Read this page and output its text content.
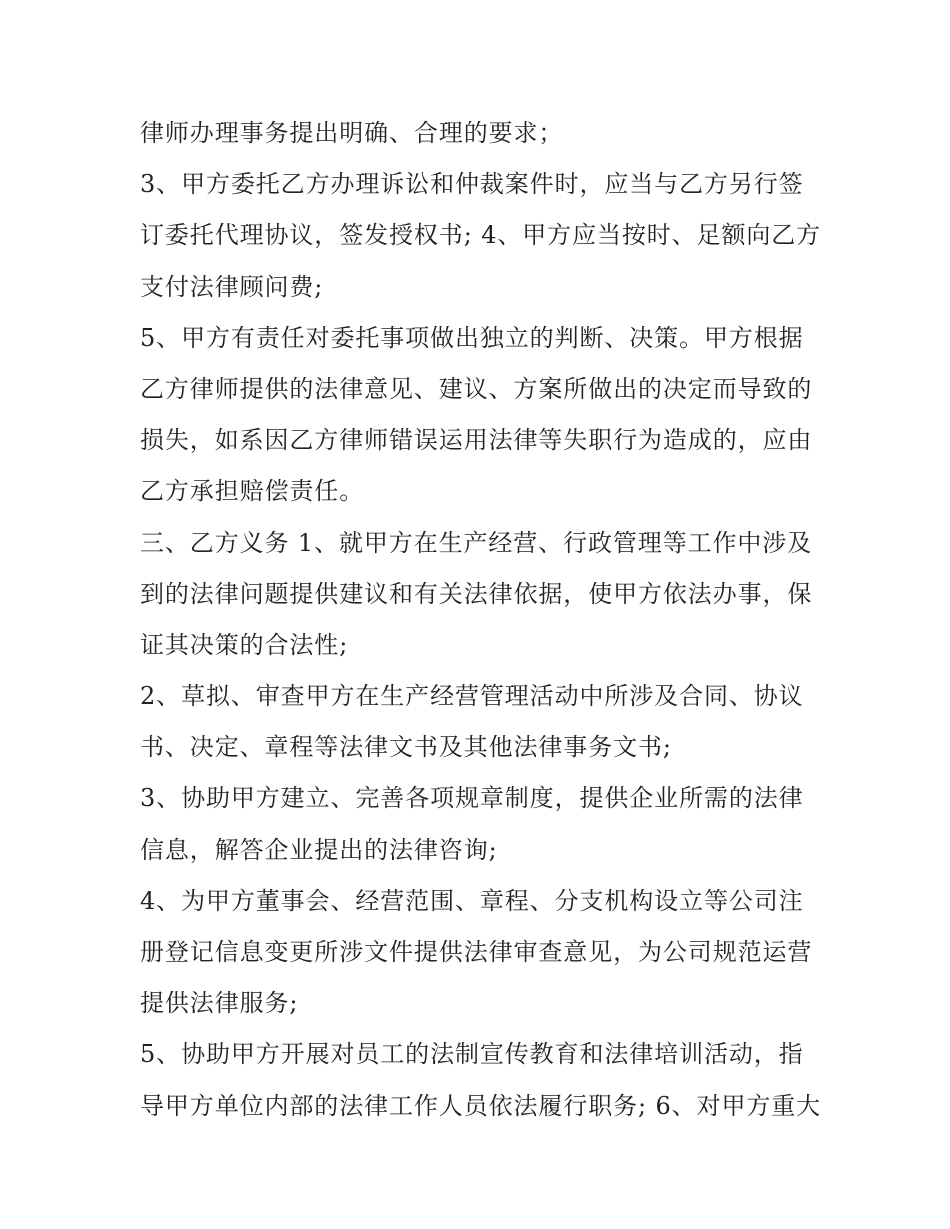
律师办理事务提出明确、合理的要求；
3、甲方委托乙方办理诉讼和仲裁案件时，应当与乙方另行签
订委托代理协议，签发授权书; 4、甲方应当按时、足额向乙方
支付法律顾问费;
5、甲方有责任对委托事项做出独立的判断、决策。甲方根据
乙方律师提供的法律意见、建议、方案所做出的决定而导致的
损失，如系因乙方律师错误运用法律等失职行为造成的，应由
乙方承担赔偿责任。
三、乙方义务 1、就甲方在生产经营、行政管理等工作中涉及
到的法律问题提供建议和有关法律依据，使甲方依法办事，保
证其决策的合法性;
2、草拟、审查甲方在生产经营管理活动中所涉及合同、协议
书、决定、章程等法律文书及其他法律事务文书;
3、协助甲方建立、完善各项规章制度，提供企业所需的法律
信息，解答企业提出的法律咨询;
4、为甲方董事会、经营范围、章程、分支机构设立等公司注
册登记信息变更所涉文件提供法律审查意见，为公司规范运营
提供法律服务;
5、协助甲方开展对员工的法制宣传教育和法律培训活动，指
导甲方单位内部的法律工作人员依法履行职务; 6、对甲方重大
